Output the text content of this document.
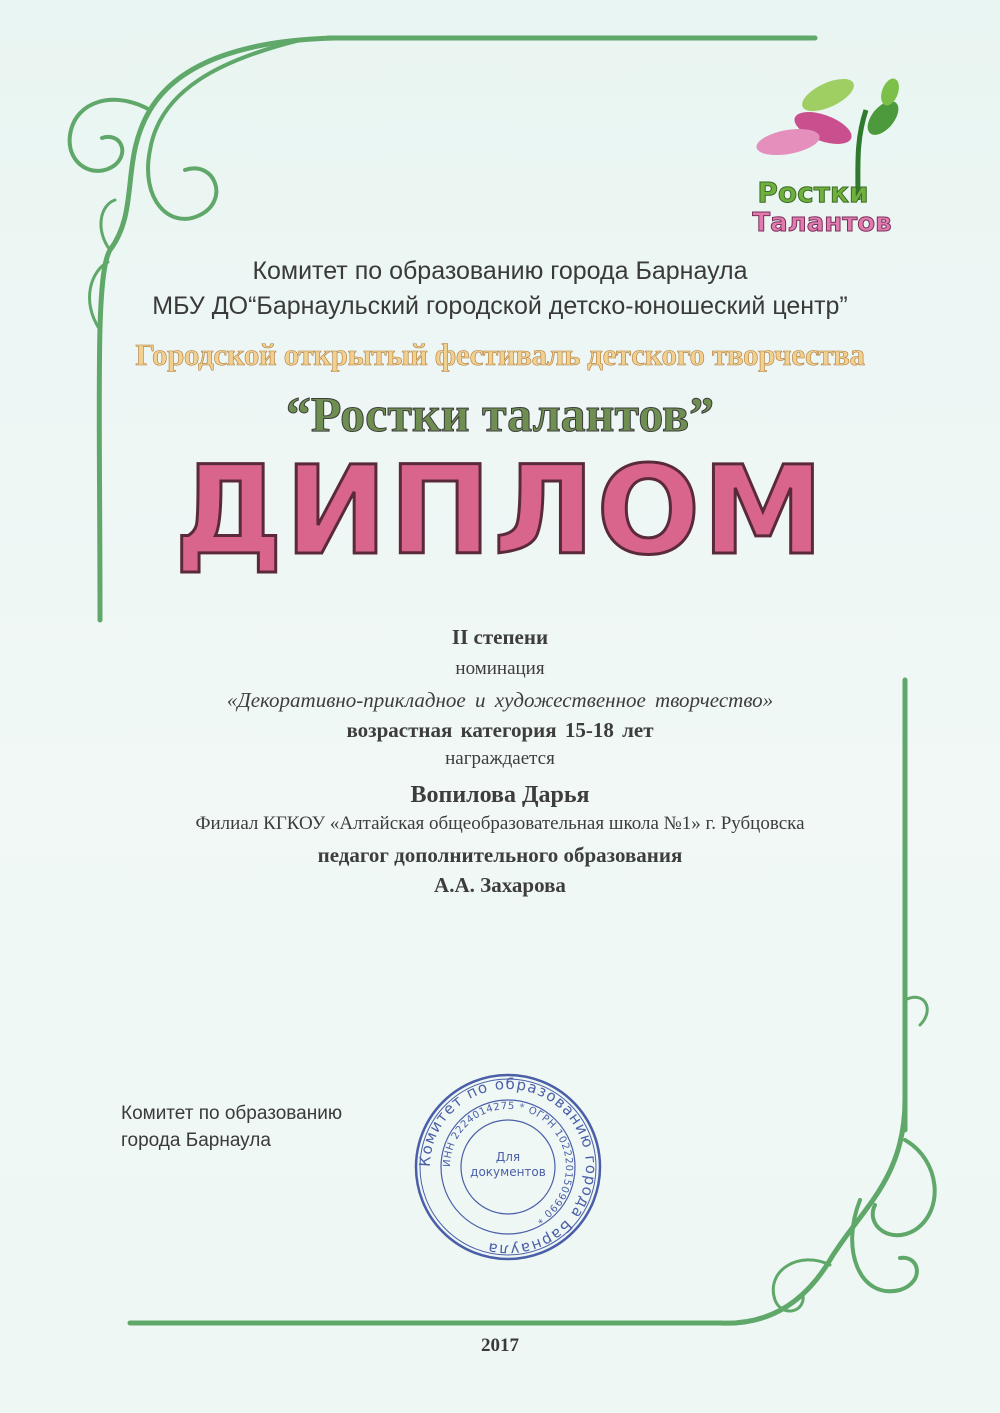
Ростки
Талантов
Комитет по образованию города Барнаула
МБУ ДО“Барнаульский городской детско-юношеский центр”
Городской открытый фестиваль детского творчества
“Ростки талантов”
ДИПЛОМ
II степени
номинация
«Декоративно-прикладное и художественное творчество»
возрастная категория 15-18 лет
награждается
Вопилова Дарья
Филиал КГКОУ «Алтайская общеобразовательная школа №1» г. Рубцовска
педагог дополнительного образования
А.А. Захарова
Комитет по образованию
города Барнаула
Комитет по образованию города Барнаула
ИНН 2224014275 * ОГРН 1022201509990 *
Для
документов
2017
